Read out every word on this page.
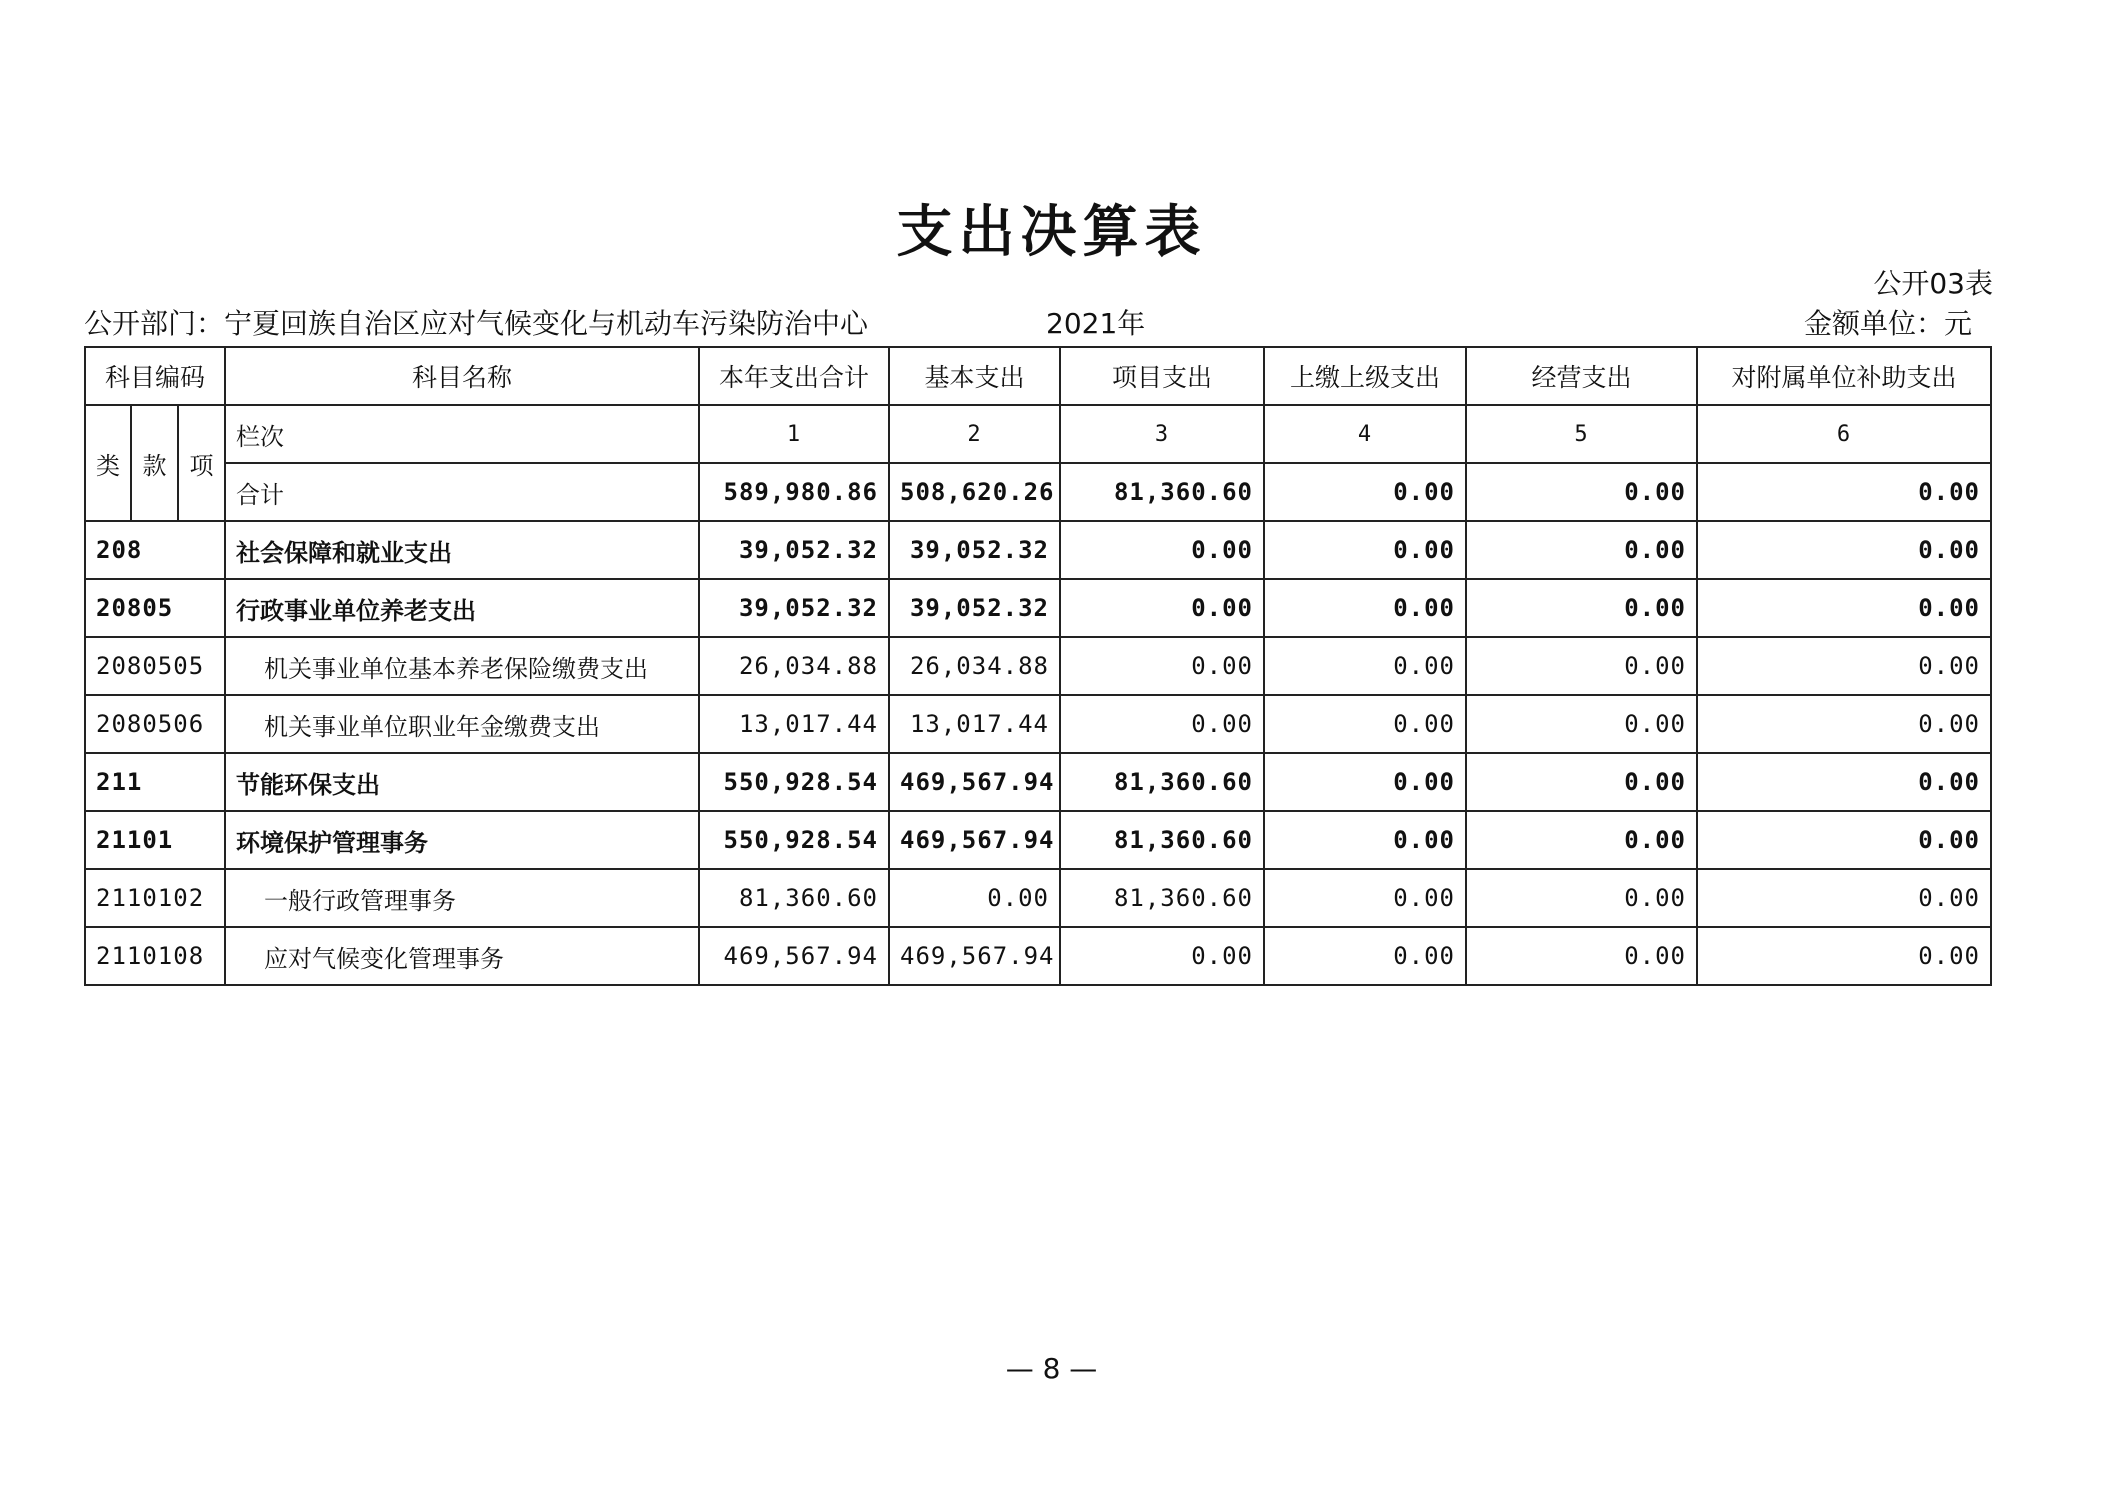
支出决算表
公开03表
公开部门：宁夏回族自治区应对气候变化与机动车污染防治中心	2021年	金额单位：元
科目编码			科目名称	本年支出合计	基本支出	项目支出	上缴上级支出	经营支出	对附属单位补助支出
类	款	项	栏次	1	2	3	4	5	6
			合计	589,980.86	508,620.26	81,360.60	0.00	0.00	0.00
208			社会保障和就业支出	39,052.32	39,052.32	0.00	0.00	0.00	0.00
20805			行政事业单位养老支出	39,052.32	39,052.32	0.00	0.00	0.00	0.00
2080505			机关事业单位基本养老保险缴费支出	26,034.88	26,034.88	0.00	0.00	0.00	0.00
2080506			机关事业单位职业年金缴费支出	13,017.44	13,017.44	0.00	0.00	0.00	0.00
211			节能环保支出	550,928.54	469,567.94	81,360.60	0.00	0.00	0.00
21101			环境保护管理事务	550,928.54	469,567.94	81,360.60	0.00	0.00	0.00
2110102			一般行政管理事务	81,360.60	0.00	81,360.60	0.00	0.00	0.00
2110108			应对气候变化管理事务	469,567.94	469,567.94	0.00	0.00	0.00	0.00
— 8 —
